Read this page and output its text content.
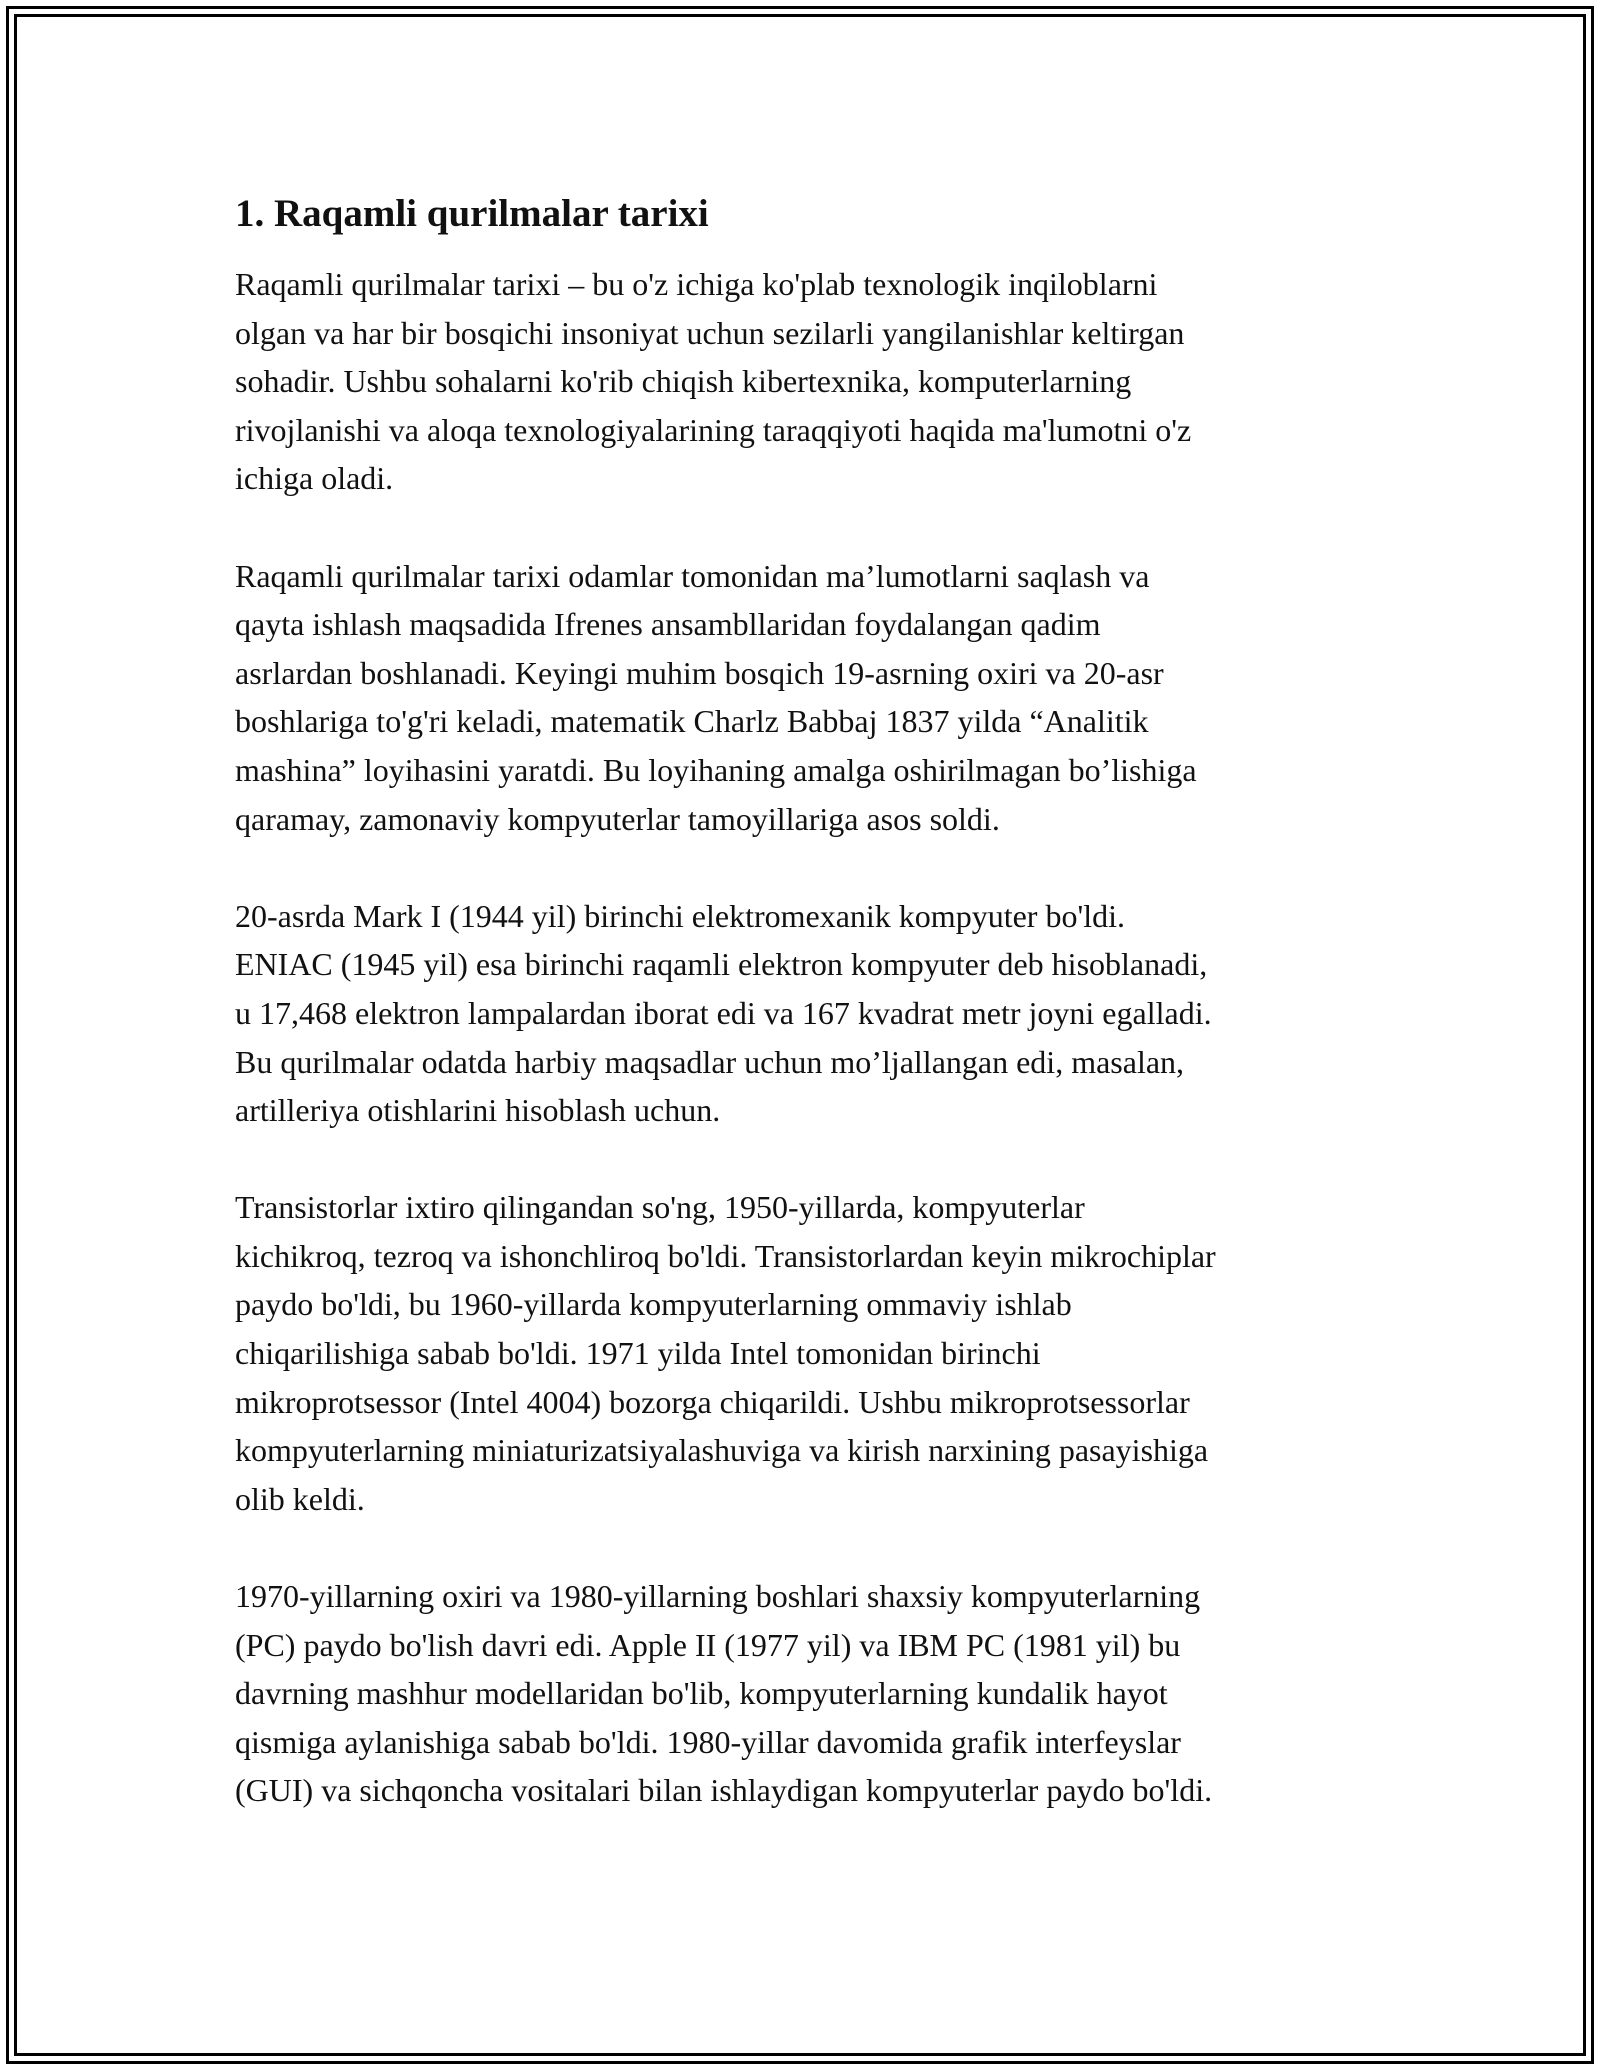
1. Raqamli qurilmalar tarixi

Raqamli qurilmalar tarixi – bu o'z ichiga ko'plab texnologik inqiloblarni
olgan va har bir bosqichi insoniyat uchun sezilarli yangilanishlar keltirgan
sohadir. Ushbu sohalarni ko'rib chiqish kibertexnika, komputerlarning
rivojlanishi va aloqa texnologiyalarining taraqqiyoti haqida ma'lumotni o'z
ichiga oladi.

Raqamli qurilmalar tarixi odamlar tomonidan ma’lumotlarni saqlash va
qayta ishlash maqsadida Ifrenes ansambllaridan foydalangan qadim
asrlardan boshlanadi. Keyingi muhim bosqich 19-asrning oxiri va 20-asr
boshlariga to'g'ri keladi, matematik Charlz Babbaj 1837 yilda “Analitik
mashina” loyihasini yaratdi. Bu loyihaning amalga oshirilmagan bo’lishiga
qaramay, zamonaviy kompyuterlar tamoyillariga asos soldi.

20-asrda Mark I (1944 yil) birinchi elektromexanik kompyuter bo'ldi.
ENIAC (1945 yil) esa birinchi raqamli elektron kompyuter deb hisoblanadi,
u 17,468 elektron lampalardan iborat edi va 167 kvadrat metr joyni egalladi.
Bu qurilmalar odatda harbiy maqsadlar uchun mo’ljallangan edi, masalan,
artilleriya otishlarini hisoblash uchun.

Transistorlar ixtiro qilingandan so'ng, 1950-yillarda, kompyuterlar
kichikroq, tezroq va ishonchliroq bo'ldi. Transistorlardan keyin mikrochiplar
paydo bo'ldi, bu 1960-yillarda kompyuterlarning ommaviy ishlab
chiqarilishiga sabab bo'ldi. 1971 yilda Intel tomonidan birinchi
mikroprotsessor (Intel 4004) bozorga chiqarildi. Ushbu mikroprotsessorlar
kompyuterlarning miniaturizatsiyalashuviga va kirish narxining pasayishiga
olib keldi.

1970-yillarning oxiri va 1980-yillarning boshlari shaxsiy kompyuterlarning
(PC) paydo bo'lish davri edi. Apple II (1977 yil) va IBM PC (1981 yil) bu
davrning mashhur modellaridan bo'lib, kompyuterlarning kundalik hayot
qismiga aylanishiga sabab bo'ldi. 1980-yillar davomida grafik interfeyslar
(GUI) va sichqoncha vositalari bilan ishlaydigan kompyuterlar paydo bo'ldi.
